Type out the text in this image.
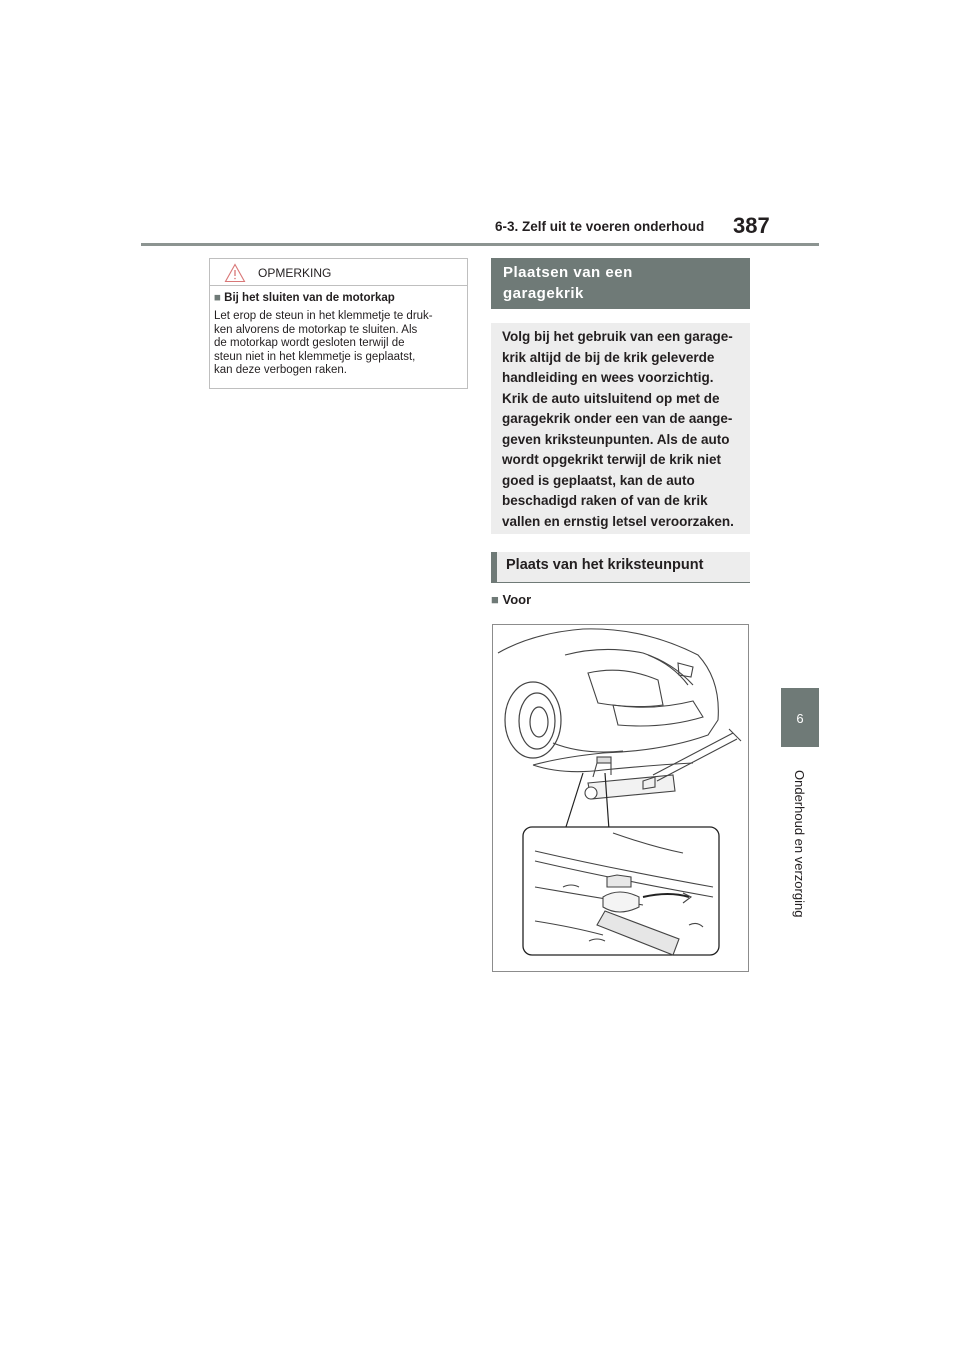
6-3. Zelf uit te voeren onderhoud 387
6
Onderhoud en verzorging
OPMERKING
■ Bij het sluiten van de motorkap

Let erop de steun in het klemmetje te druk-
ken alvorens de motorkap te sluiten. Als
de motorkap wordt gesloten terwijl de
steun niet in het klemmetje is geplaatst,
kan deze verbogen raken.

Plaatsen van een
garagekrik

Volg bij het gebruik van een garage-
krik altijd de bij de krik geleverde
handleiding en wees voorzichtig.
Krik de auto uitsluitend op met de
garagekrik onder een van de aange-
geven kriksteunpunten. Als de auto
wordt opgekrikt terwijl de krik niet
goed is geplaatst, kan de auto
beschadigd raken of van de krik
vallen en ernstig letsel veroorzaken.

Plaats van het kriksteunpunt
■ Voor
